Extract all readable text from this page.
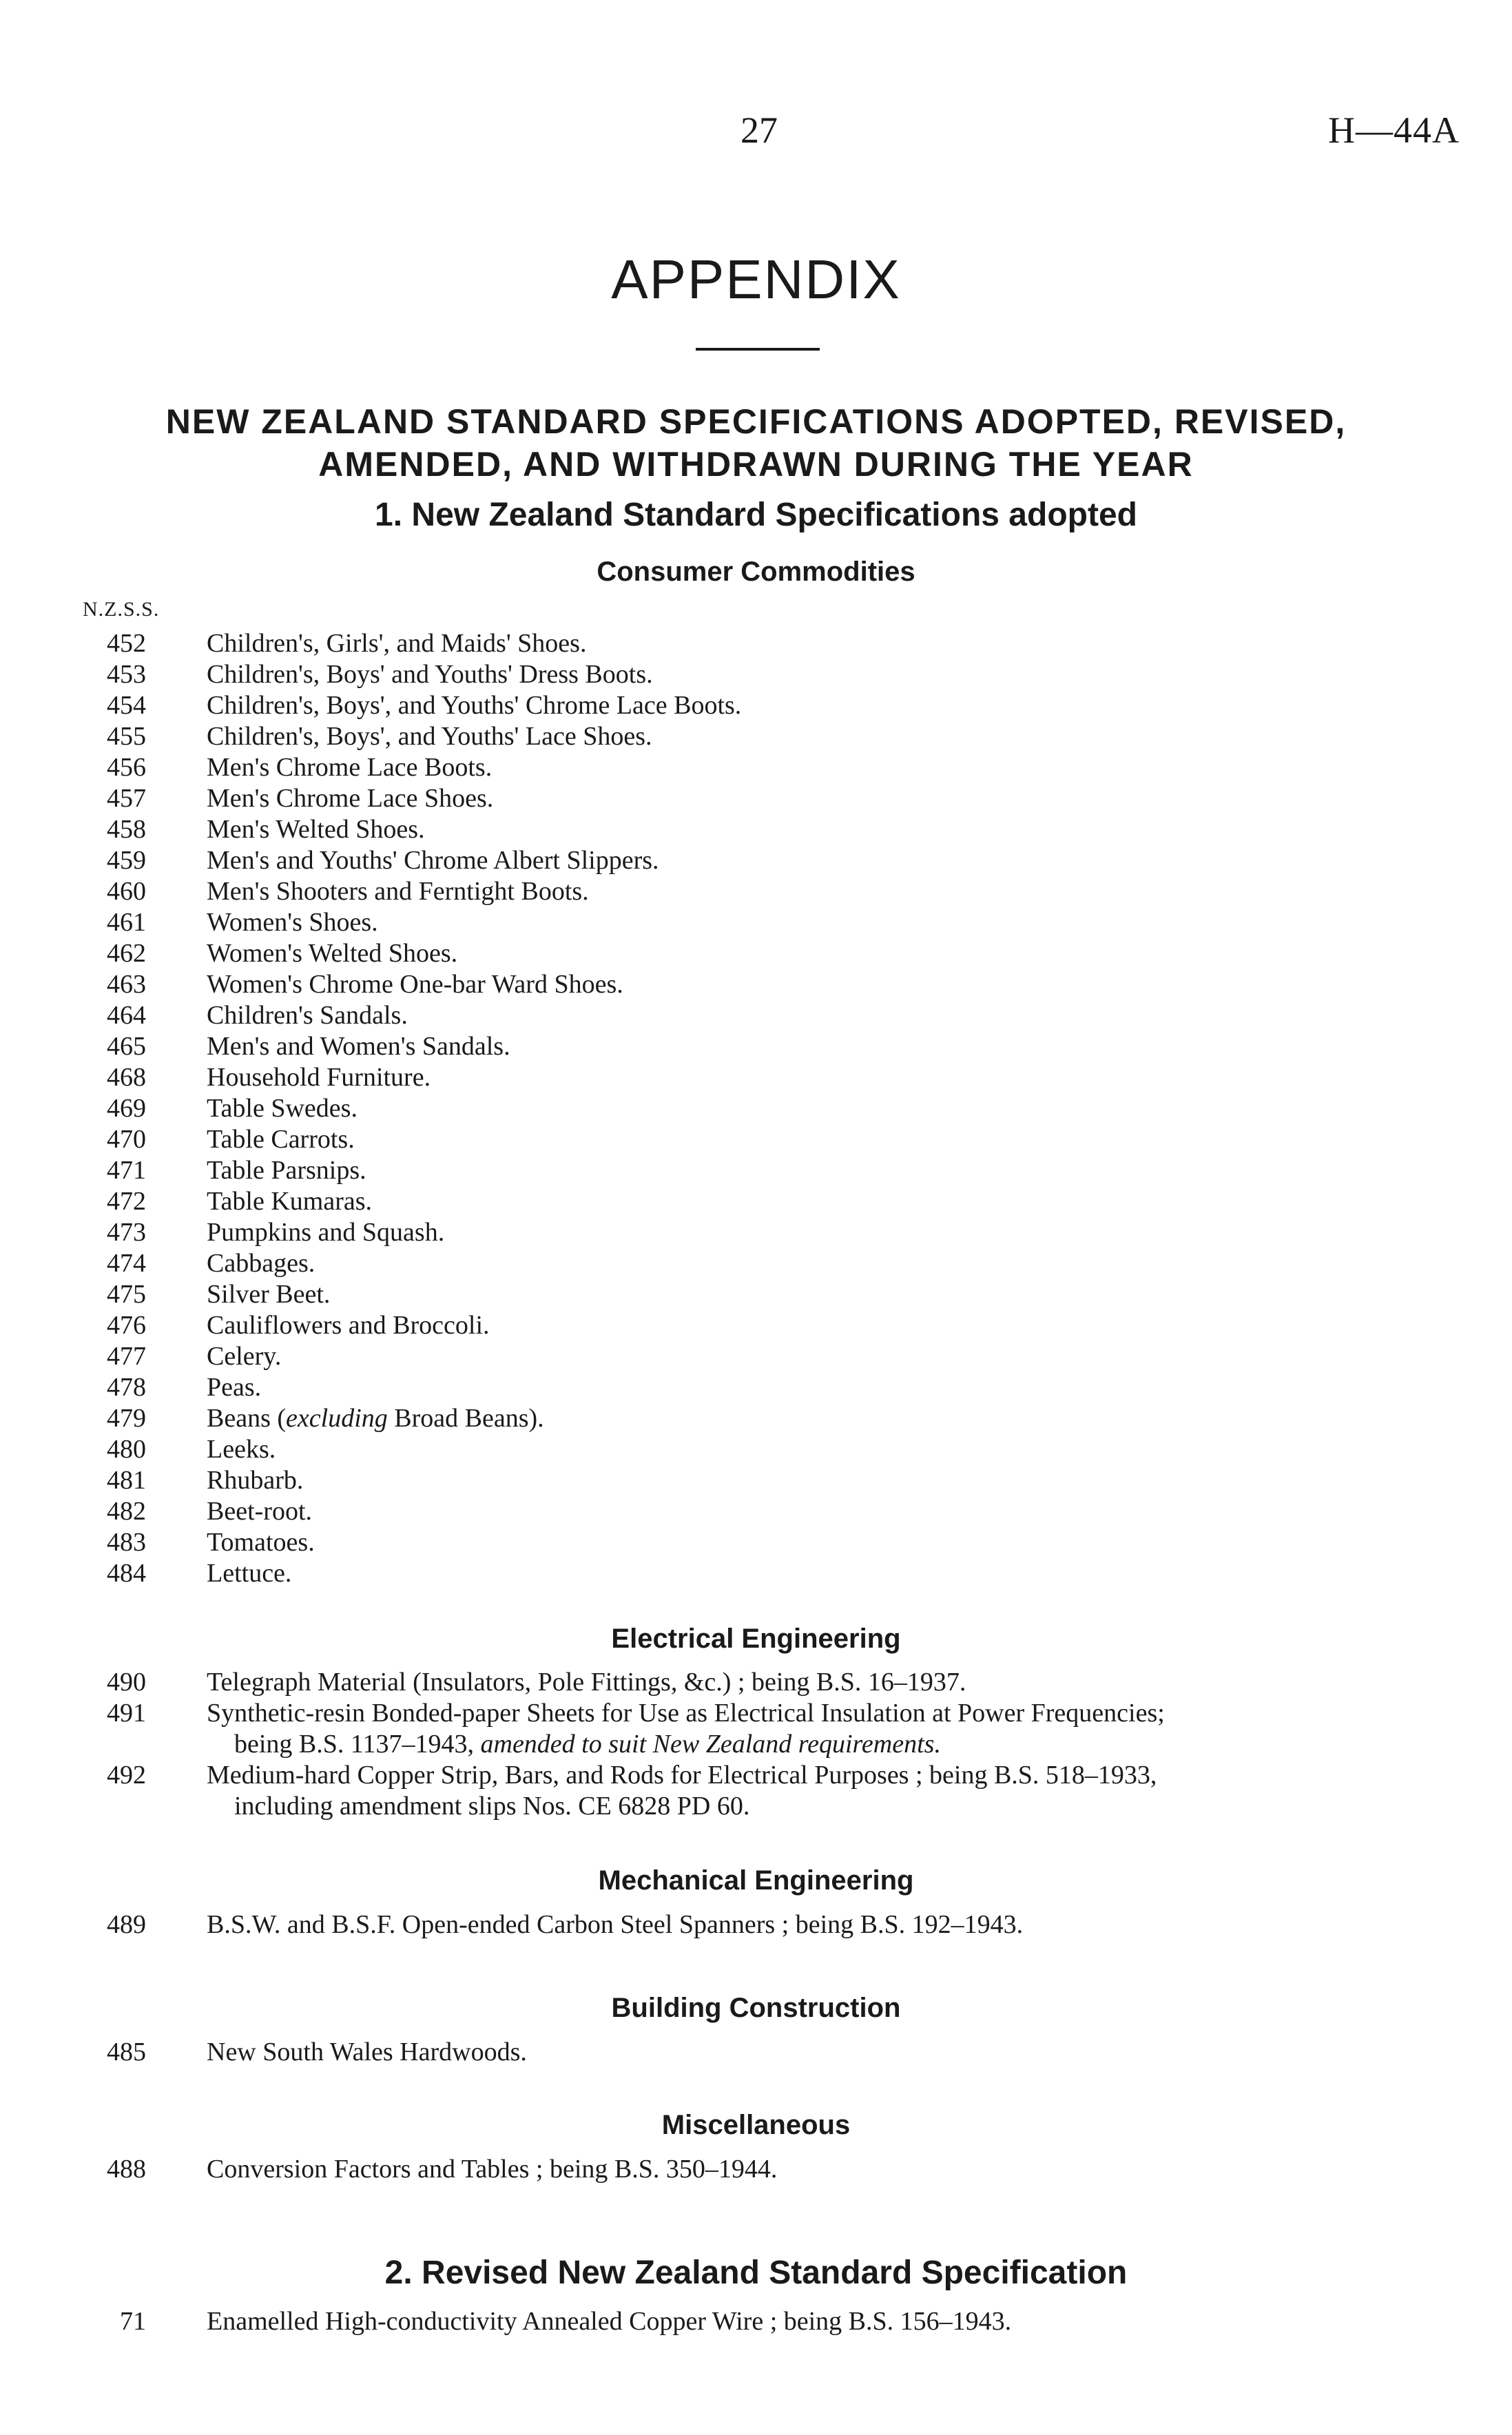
27	H—44A
APPENDIX
NEW ZEALAND STANDARD SPECIFICATIONS ADOPTED, REVISED,
AMENDED, AND WITHDRAWN DURING THE YEAR
1. New Zealand Standard Specifications adopted
Consumer Commodities
N.Z.S.S.
452 Children's, Girls', and Maids' Shoes.
453 Children's, Boys' and Youths' Dress Boots.
454 Children's, Boys', and Youths' Chrome Lace Boots.
455 Children's, Boys', and Youths' Lace Shoes.
456 Men's Chrome Lace Boots.
457 Men's Chrome Lace Shoes.
458 Men's Welted Shoes.
459 Men's and Youths' Chrome Albert Slippers.
460 Men's Shooters and Ferntight Boots.
461 Women's Shoes.
462 Women's Welted Shoes.
463 Women's Chrome One-bar Ward Shoes.
464 Children's Sandals.
465 Men's and Women's Sandals.
468 Household Furniture.
469 Table Swedes.
470 Table Carrots.
471 Table Parsnips.
472 Table Kumaras.
473 Pumpkins and Squash.
474 Cabbages.
475 Silver Beet.
476 Cauliflowers and Broccoli.
477 Celery.
478 Peas.
479 Beans (excluding Broad Beans).
480 Leeks.
481 Rhubarb.
482 Beet-root.
483 Tomatoes.
484 Lettuce.
Electrical Engineering
490 Telegraph Material (Insulators, Pole Fittings, &c.) ; being B.S. 16–1937.
491 Synthetic-resin Bonded-paper Sheets for Use as Electrical Insulation at Power Frequencies;
being B.S. 1137–1943, amended to suit New Zealand requirements.
492 Medium-hard Copper Strip, Bars, and Rods for Electrical Purposes ; being B.S. 518–1933,
including amendment slips Nos. CE 6828 PD 60.
Mechanical Engineering
489 B.S.W. and B.S.F. Open-ended Carbon Steel Spanners ; being B.S. 192–1943.
Building Construction
485 New South Wales Hardwoods.
Miscellaneous
488 Conversion Factors and Tables ; being B.S. 350–1944.
2. Revised New Zealand Standard Specification
71 Enamelled High-conductivity Annealed Copper Wire ; being B.S. 156–1943.
